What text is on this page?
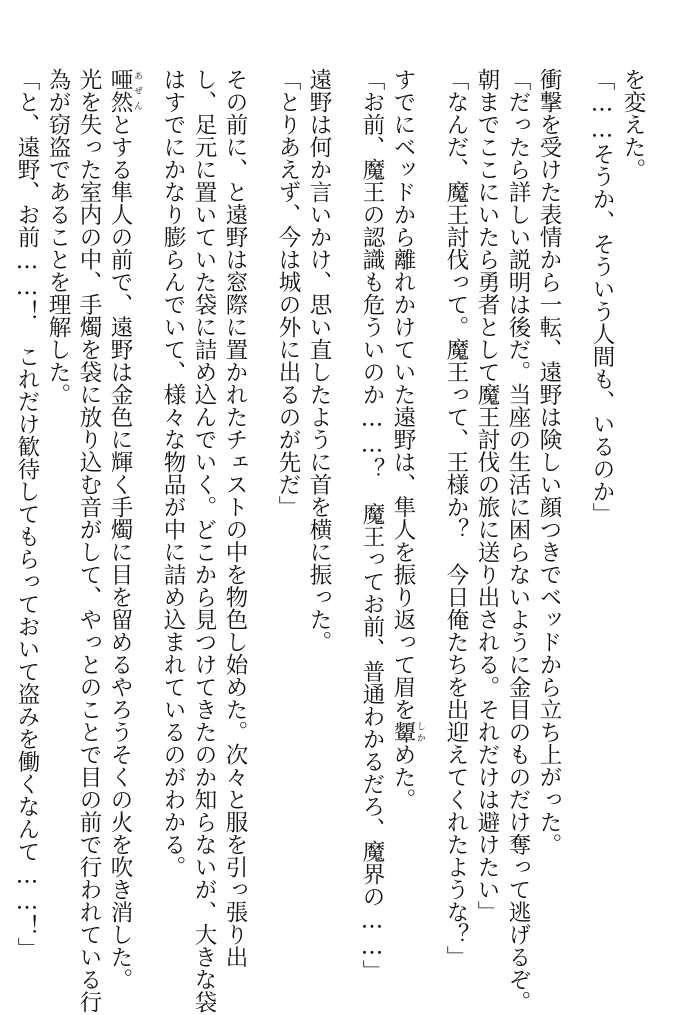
を変えた。
「……そうか、そういう人間も、いるのか」
衝撃を受けた表情から一転、遠野は険しい顔つきでベッドから立ち上がった。
「だったら詳しい説明は後だ。当座の生活に困らないように金目のものだけ奪って逃げるぞ。
朝までここにいたら勇者として魔王討伐の旅に送り出される。それだけは避けたい」
「なんだ、魔王討伐って。魔王って、王様か？　今日俺たちを出迎えてくれたような？」
すでにベッドから離れかけていた遠野は、隼人を振り返って眉を顰 しかめた。
「お前、魔王の認識も危ういのか……？　魔王ってお前、普通わかるだろ、魔界の……」
遠野は何か言いかけ、思い直したように首を横に振った。
「とりあえず、今は城の外に出るのが先だ」
その前に、と遠野は窓際に置かれたチェストの中を物色し始めた。次々と服を引っ張り出
し、足元に置いていた袋に詰め込んでいく。どこから見つけてきたのか知らないが、大きな袋
はすでにかなり膨らんでいて、様々な物品が中に詰め込まれているのがわかる。
唖然 あぜんとする隼人の前で、遠野は金色に輝く手燭に目を留めるやろうそくの火を吹き消した。
光を失った室内の中、手燭を袋に放り込む音がして、やっとのことで目の前で行われている行
為が窃盗であることを理解した。
「と、遠野、お前……！　これだけ歓待してもらっておいて盗みを働くなんて……！」
